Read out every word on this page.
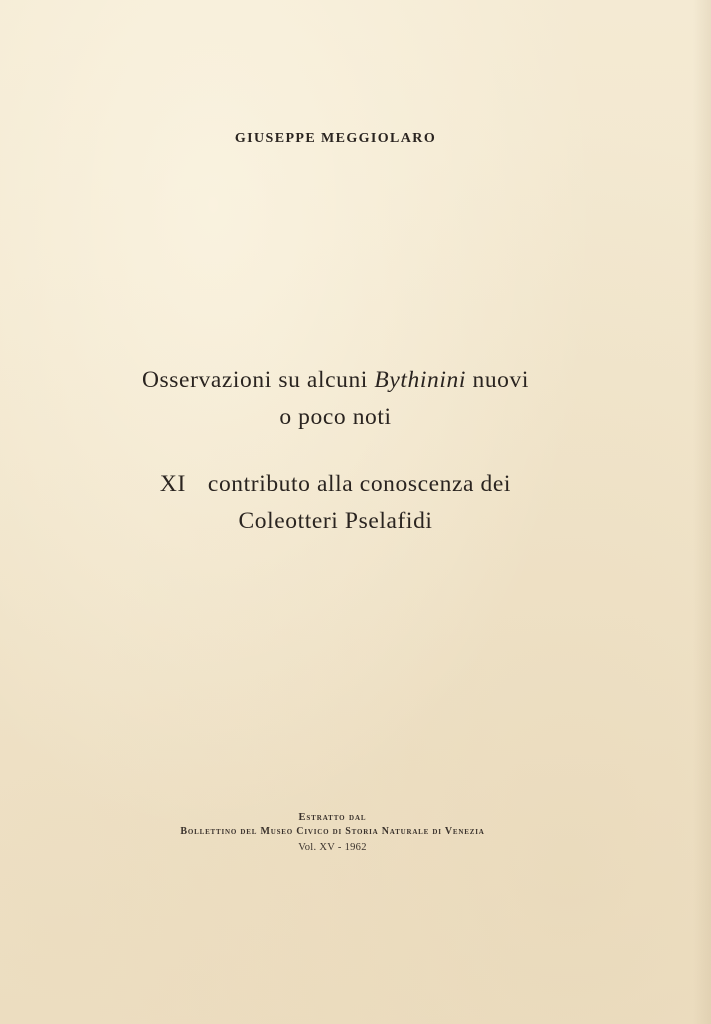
GIUSEPPE MEGGIOLARO
Osservazioni su alcuni Bythinini nuovi
o poco noti
XI contributo alla conoscenza dei
Coleotteri Pselafidi
Estratto dal
Bollettino del Museo Civico di Storia Naturale di Venezia
Vol. XV - 1962
